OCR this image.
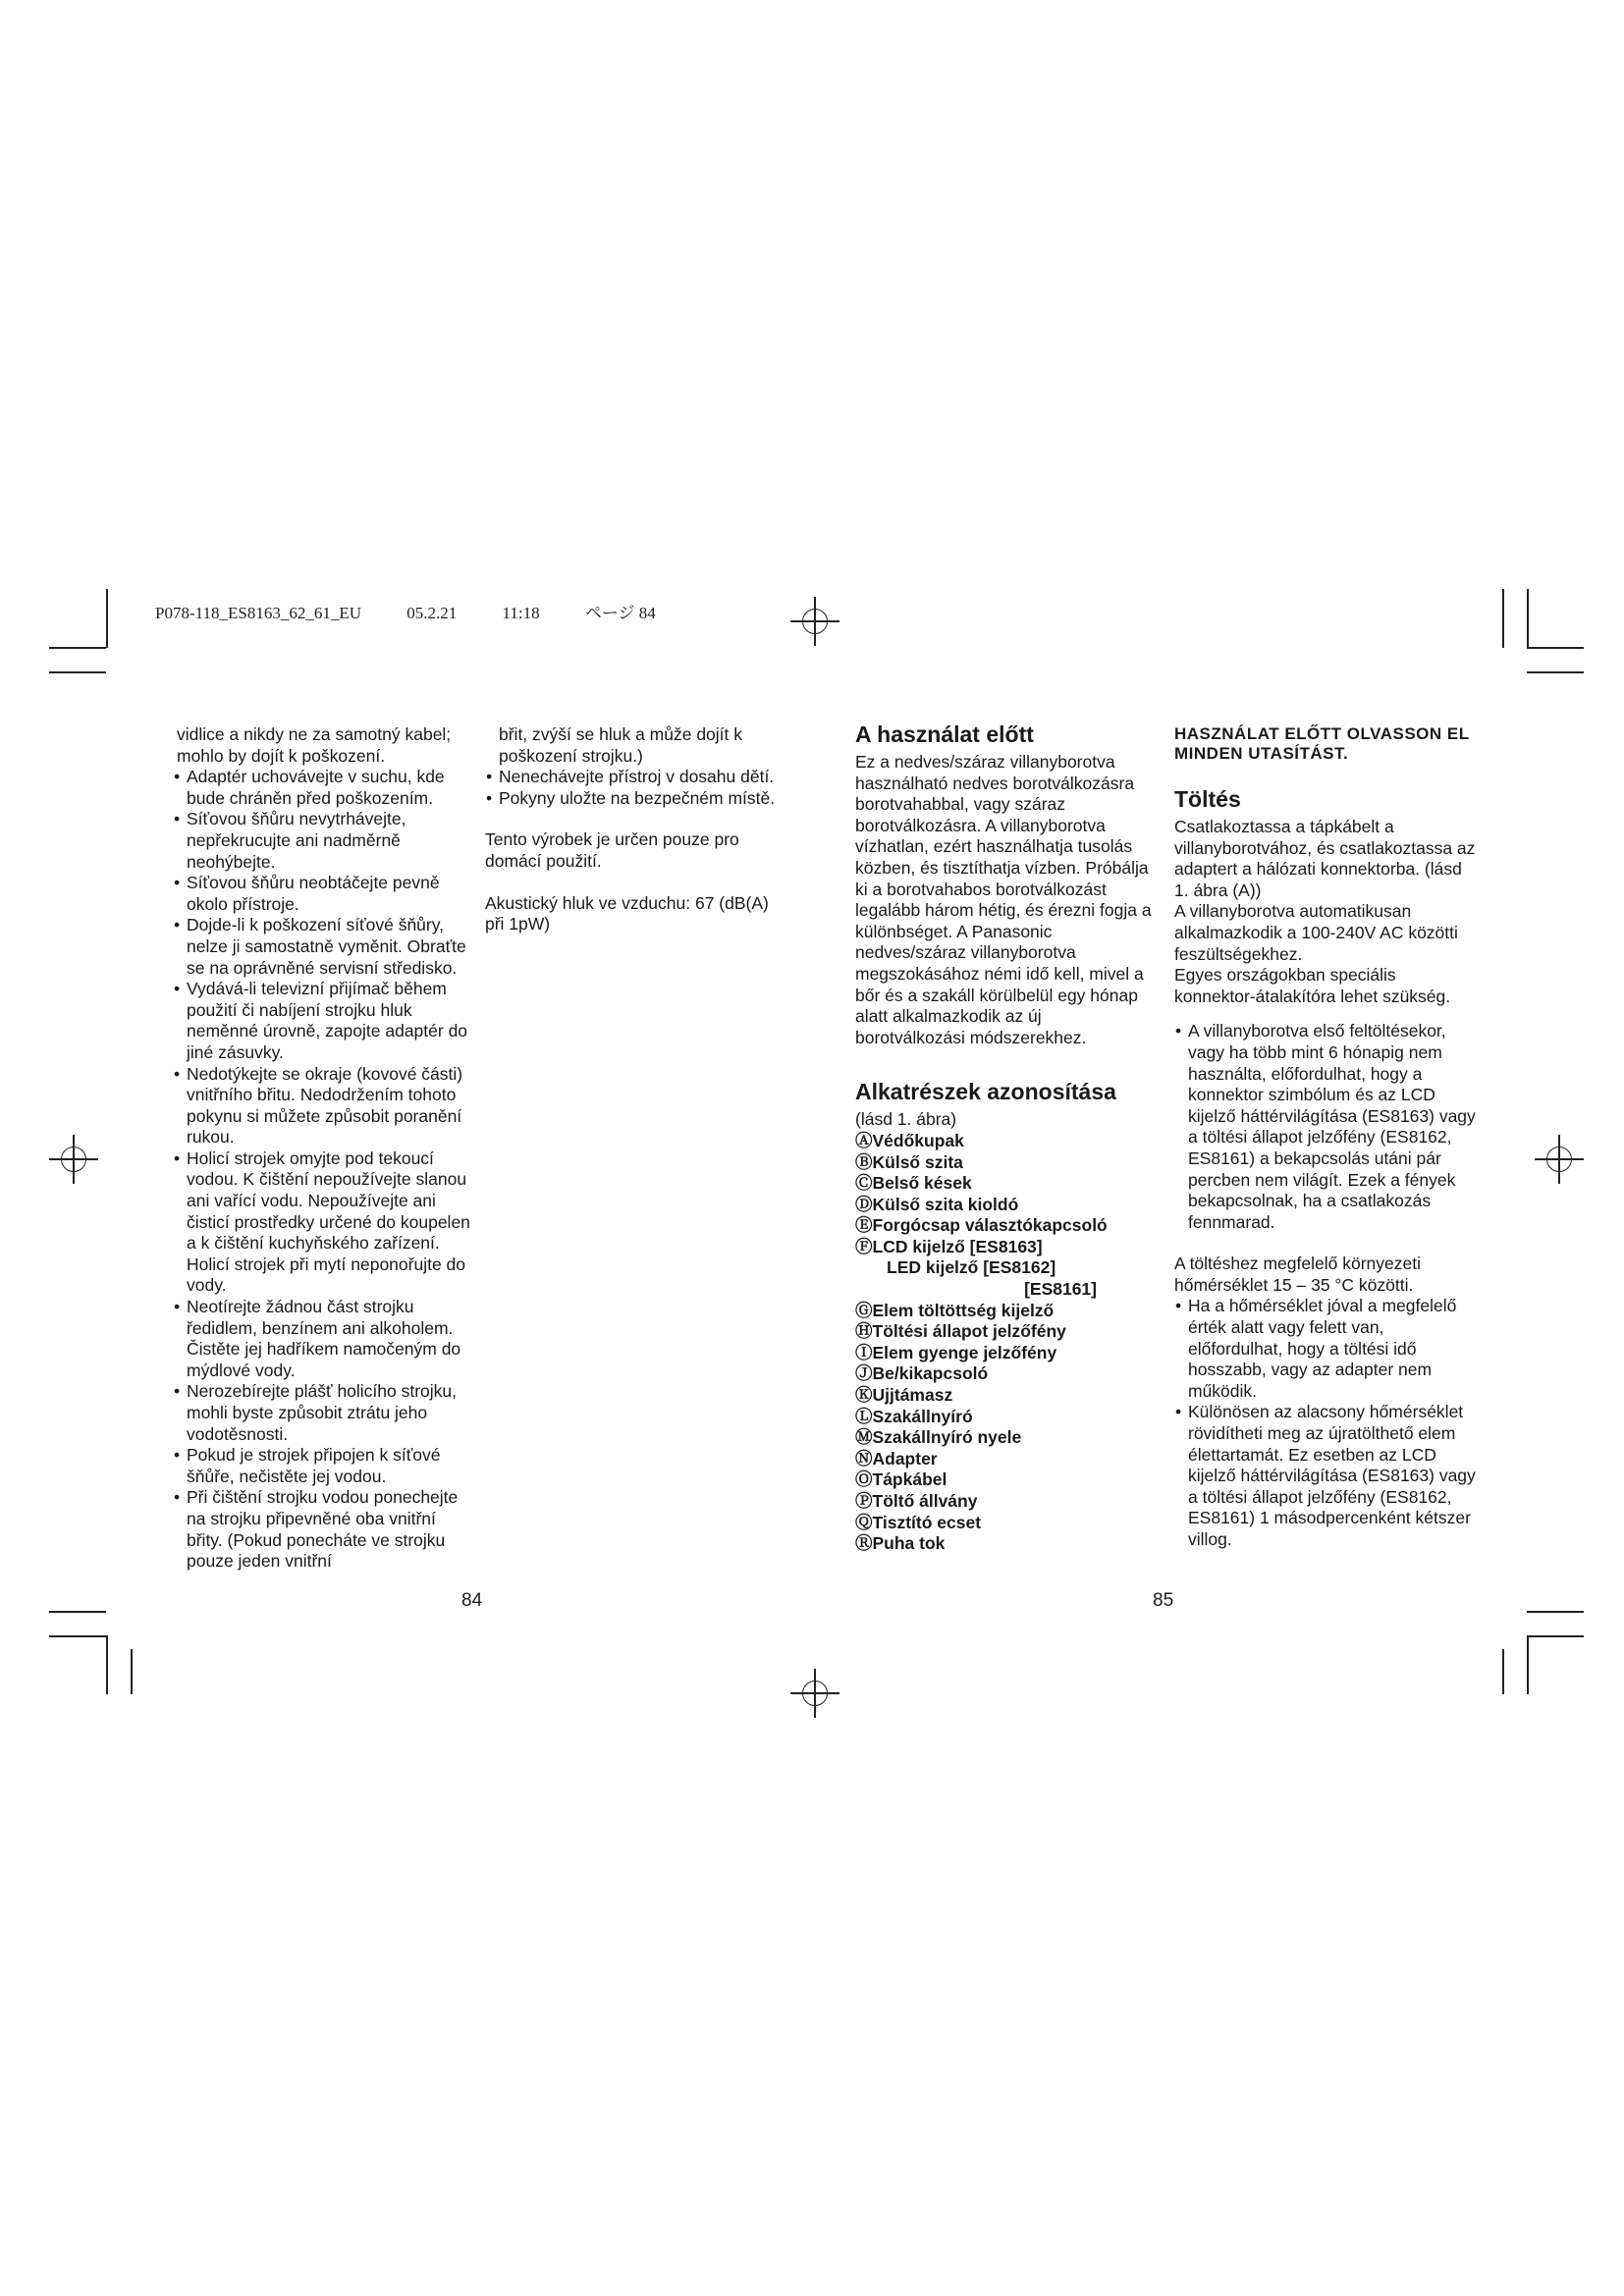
P078-118_ES8163_62_61_EU	05.2.21	11:18	ページ 84

vidlice a nikdy ne za samotný kabel; mohlo by dojít k poškození.

• Adaptér uchovávejte v suchu, kde bude chráněn před poškozením.
• Síťovou šňůru nevytrhávejte, nepřekrucujte ani nadměrně neohýbejte.
• Síťovou šňůru neobtáčejte pevně okolo přístroje.
• Dojde-li k poškození síťové šňůry, nelze ji samostatně vyměnit. Obraťte se na oprávněné servisní středisko.
• Vydává-li televizní přijímač během použití či nabíjení strojku hluk neměnné úrovně, zapojte adaptér do jiné zásuvky.
• Nedotýkejte se okraje (kovové části) vnitřního břitu. Nedodržením tohoto pokynu si můžete způsobit poranění rukou.
• Holicí strojek omyjte pod tekoucí vodou. K čištění nepoužívejte slanou ani vařící vodu. Nepoužívejte ani čisticí prostředky určené do koupelen a k čištění kuchyňského zařízení. Holicí strojek při mytí neponořujte do vody.
• Neotírejte žádnou část strojku ředidlem, benzínem ani alkoholem. Čistěte jej hadříkem namočeným do mýdlové vody.
• Nerozebírejte plášť holicího strojku, mohli byste způsobit ztrátu jeho vodotěsnosti.
• Pokud je strojek připojen k síťové šňůře, nečistěte jej vodou.
• Při čištění strojku vodou ponechejte na strojku připevněné oba vnitřní břity. (Pokud ponecháte ve strojku pouze jeden vnitřní

břit, zvýší se hluk a může dojít k poškození strojku.)

• Nenechávejte přístroj v dosahu dětí.
• Pokyny uložte na bezpečném místě.

Tento výrobek je určen pouze pro domácí použití.

Akustický hluk ve vzduchu: 67 (dB(A) při 1pW)

84
A használat előtt

Ez a nedves/száraz villanyborotva használható nedves borotválkozásra borotvahabbal, vagy száraz borotválkozásra. A villanyborotva vízhatlan, ezért használhatja tusolás közben, és tisztíthatja vízben. Próbálja ki a borotvahabos borotválkozást legalább három hétig, és érezni fogja a különbséget. A Panasonic nedves/száraz villanyborotva megszokásához némi idő kell, mivel a bőr és a szakáll körülbelül egy hónap alatt alkalmazkodik az új borotválkozási módszerekhez.

Alkatrészek azonosítása

(lásd 1. ábra)

ⒶVédőkupak
ⒷKülső szita
ⒸBelső kések
ⒹKülső szita kioldó
ⒺForgócsap választókapcsoló
ⒻLCD kijelző [ES8163]
LED kijelző [ES8162]
[ES8161]
ⒼElem töltöttség kijelző
ⒽTöltési állapot jelzőfény
ⒾElem gyenge jelzőfény
ⒿBe/kikapcsoló
ⓀUjjtámasz
ⓁSzakállnyíró
ⓂSzakállnyíró nyele
ⓃAdapter
ⓄTápkábel
ⓅTöltő állvány
ⓆTisztító ecset
ⓇPuha tok
HASZNÁLAT ELŐTT OLVASSON EL MINDEN UTASÍTÁST.
Töltés

Csatlakoztassa a tápkábelt a villanyborotvához, és csatlakoztassa az adaptert a hálózati konnektorba. (lásd 1. ábra (A))

A villanyborotva automatikusan alkalmazkodik a 100-240V AC közötti feszültségekhez.

Egyes országokban speciális konnektor-átalakítóra lehet szükség.

• A villanyborotva első feltöltésekor, vagy ha több mint 6 hónapig nem használta, előfordulhat, hogy a konnektor szimbólum és az LCD kijelző háttérvilágítása (ES8163) vagy a töltési állapot jelzőfény (ES8162, ES8161) a bekapcsolás utáni pár percben nem világít. Ezek a fények bekapcsolnak, ha a csatlakozás fennmarad.

A töltéshez megfelelő környezeti hőmérséklet 15 – 35 °C közötti.

• Ha a hőmérséklet jóval a megfelelő érték alatt vagy felett van, előfordulhat, hogy a töltési idő hosszabb, vagy az adapter nem működik.
• Különösen az alacsony hőmérséklet rövidítheti meg az újratölthető elem élettartamát. Ez esetben az LCD kijelző háttérvilágítása (ES8163) vagy a töltési állapot jelzőfény (ES8162, ES8161) 1 másodpercenként kétszer villog.
85
